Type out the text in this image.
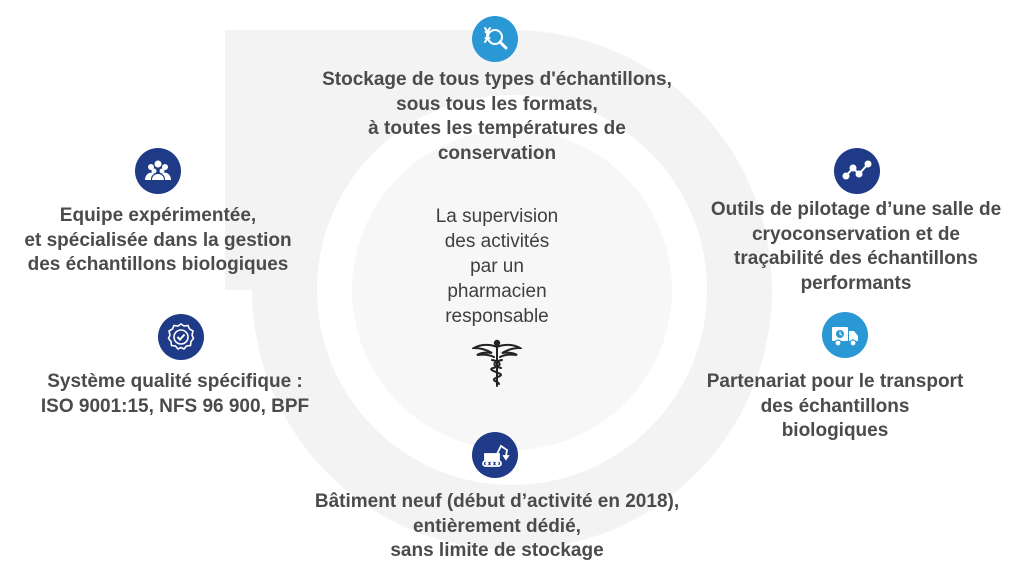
La supervision
des activités
par un
pharmacien
responsable
Stockage de tous types d'échantillons,
sous tous les formats,
à toutes les températures de
conservation
Equipe expérimentée,
et spécialisée dans la gestion
des échantillons biologiques
Outils de pilotage d’une salle de
cryoconservation et de
traçabilité des échantillons
performants
Système qualité spécifique :
ISO 9001:15, NFS 96 900, BPF
Partenariat pour le transport
des échantillons
biologiques
Bâtiment neuf (début d’activité en 2018),
entièrement dédié,
sans limite de stockage
